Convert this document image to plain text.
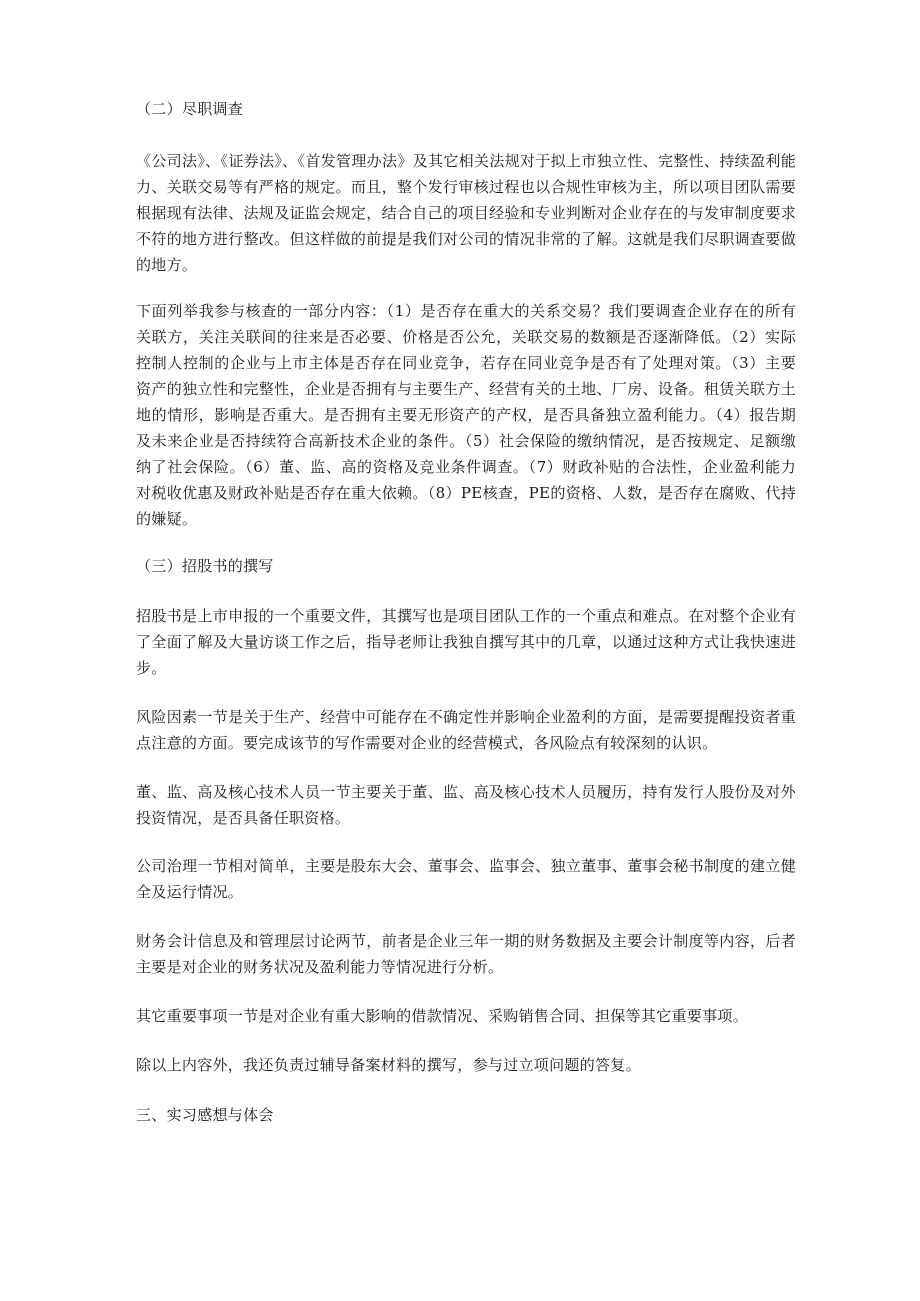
（二）尽职调查

《公司法》、《证券法》、《首发管理办法》及其它相关法规对于拟上市独立性、完整性、持续盈利能力、关联交易等有严格的规定。而且，整个发行审核过程也以合规性审核为主，所以项目团队需要根据现有法律、法规及证监会规定，结合自己的项目经验和专业判断对企业存在的与发审制度要求不符的地方进行整改。但这样做的前提是我们对公司的情况非常的了解。这就是我们尽职调查要做的地方。

下面列举我参与核查的一部分内容：（1）是否存在重大的关系交易？我们要调查企业存在的所有关联方，关注关联间的往来是否必要、价格是否公允，关联交易的数额是否逐渐降低。（2）实际控制人控制的企业与上市主体是否存在同业竞争，若存在同业竞争是否有了处理对策。（3）主要资产的独立性和完整性，企业是否拥有与主要生产、经营有关的土地、厂房、设备。租赁关联方土地的情形，影响是否重大。是否拥有主要无形资产的产权，是否具备独立盈利能力。（4）报告期及未来企业是否持续符合高新技术企业的条件。（5）社会保险的缴纳情况，是否按规定、足额缴纳了社会保险。（6）董、监、高的资格及竞业条件调查。（7）财政补贴的合法性，企业盈利能力对税收优惠及财政补贴是否存在重大依赖。（8）PE核查，PE的资格、人数，是否存在腐败、代持的嫌疑。

（三）招股书的撰写

招股书是上市申报的一个重要文件，其撰写也是项目团队工作的一个重点和难点。在对整个企业有了全面了解及大量访谈工作之后，指导老师让我独自撰写其中的几章，以通过这种方式让我快速进步。

风险因素一节是关于生产、经营中可能存在不确定性并影响企业盈利的方面，是需要提醒投资者重点注意的方面。要完成该节的写作需要对企业的经营模式，各风险点有较深刻的认识。

董、监、高及核心技术人员一节主要关于董、监、高及核心技术人员履历，持有发行人股份及对外投资情况，是否具备任职资格。

公司治理一节相对简单，主要是股东大会、董事会、监事会、独立董事、董事会秘书制度的建立健全及运行情况。

财务会计信息及和管理层讨论两节，前者是企业三年一期的财务数据及主要会计制度等内容，后者主要是对企业的财务状况及盈利能力等情况进行分析。

其它重要事项一节是对企业有重大影响的借款情况、采购销售合同、担保等其它重要事项。

除以上内容外，我还负责过辅导备案材料的撰写，参与过立项问题的答复。

三、实习感想与体会
